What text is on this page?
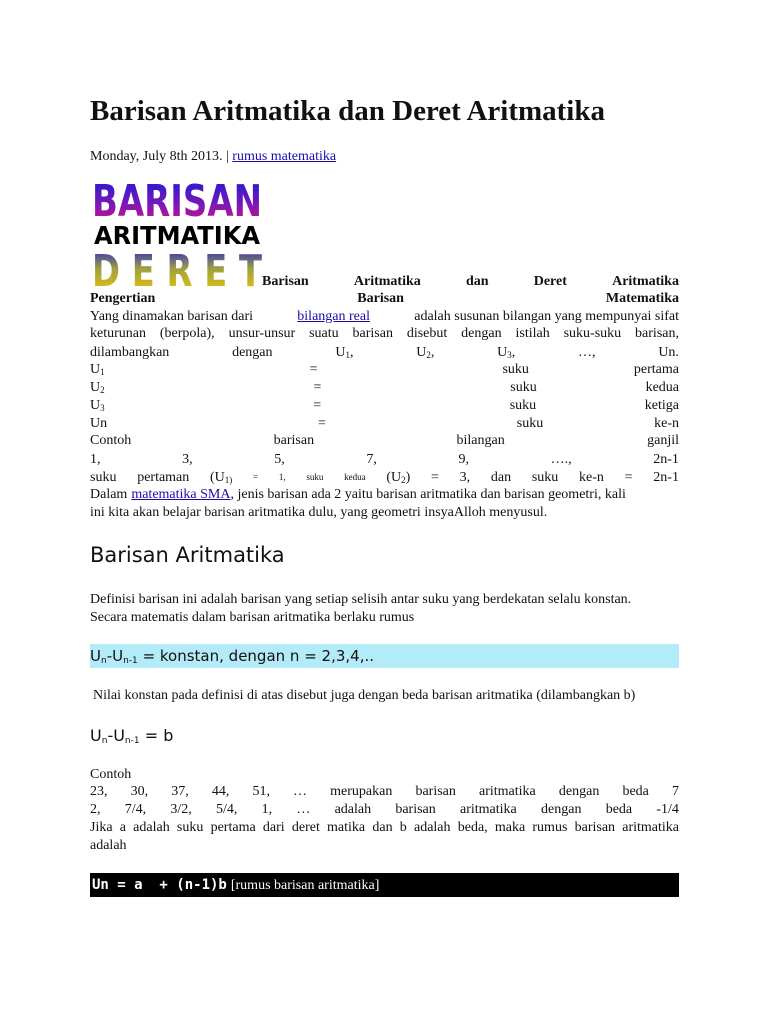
Barisan Aritmatika dan Deret Aritmatika
Monday, July 8th 2013. | rumus matematika
BARISAN
ARITMATIKA
D E R E T Barisan	Aritmatika	dan	Deret	Aritmatika
Pengertian	Barisan	Matematika
Yang dinamakan barisan dari	bilangan real	adalah susunan bilangan yang mempunyai sifat
keturunan (berpola), unsur-unsur suatu barisan disebut dengan istilah suku-suku barisan,
dilambangkan	dengan	$U_1$,	$U_2$,	$U_3$,	…,	Un.
$U_1$	=	suku	pertama
$U_2$	=	suku	kedua
$U_3$	=	suku	ketiga
Un	=	suku	ke-n
Contoh	barisan	bilangan	ganjil
1,	3,	5,	7,	9,	….,	2n-1
suku pertaman ($U_{1)} = 1$, suku kedua $(U_2) = 3$, dan suku ke-n = 2n-1
Dalam matematika SMA , jenis barisan ada 2 yaitu barisan aritmatika dan barisan geometri, kali
ini kita akan belajar barisan aritmatika dulu, yang geometri insyaAlloh menyusul.
Barisan Aritmatika
Definisi barisan ini adalah barisan yang setiap selisih antar suku yang berdekatan selalu konstan.
Secara matematis dalam barisan aritmatika berlaku rumus
$U_n-U_{n-1}$ = konstan, dengan n = 2,3,4,..
Nilai konstan pada definisi di atas disebut juga dengan beda barisan aritmatika (dilambangkan b)
$U_n-U_{n-1} = b$
Contoh
23, 30, 37, 44, 51, … merupakan barisan aritmatika dengan beda 7
2, 7/4, 3/2, 5/4, 1, … adalah barisan aritmatika dengan beda -1/4
Jika a adalah suku pertama dari deret matika dan b adalah beda, maka rumus barisan aritmatika
adalah
Un = a  + (n-1)b [rumus barisan aritmatika]
